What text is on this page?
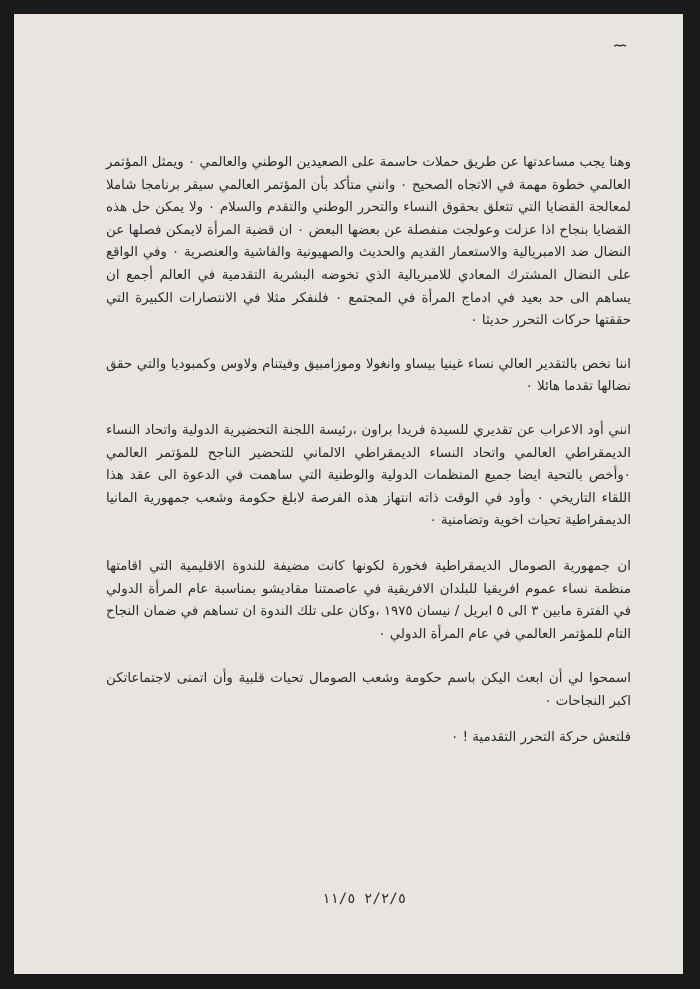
وهنا يجب مساعدتها عن طريق حملات حاسمة على الصعيدين الوطني والعالمي ٠ ويمثل المؤتمر العالمي خطوة مهمة في الاتجاه الصحيح ٠ وانني متأكد بأن المؤتمر العالمي سيقر برنامجا شاملا لمعالجة القضايا التي تتعلق بحقوق النساء والتحرر الوطني والتقدم والسلام ٠ ولا يمكن حل هذه القضايا بنجاح اذا عزلت وعولجت منفصلة عن بعضها البعض ٠ ان قضية المرأة لايمكن فصلها عن النضال ضد الامبريالية والاستعمار القديم والحديث والصهيونية والفاشية والعنصرية ٠ وفي الواقع على النضال المشترك المعادي للامبريالية الذي تخوضه البشرية التقدمية في العالم أجمع ان يساهم الى حد بعيد في ادماج المرأة في المجتمع ٠ فلنفكر مثلا في الانتصارات الكبيرة التي حققتها حركات التحرر حديثا ٠

اننا نخص بالتقدير العالي نساء غينيا بيساو وانغولا وموزامبيق وفيتنام ولاوس وكمبوديا والتي حقق نضالها تقدما هائلا ٠

انني أود الاعراب عن تقديري للسيدة فريدا براون ،رئيسة اللجنة التحضيرية الدولية واتحاد النساء الديمقراطي العالمي واتحاد النساء الديمقراطي الالماني للتحضير الناجح للمؤتمر العالمي ٠وأخص بالتحية ايضا جميع المنظمات الدولية والوطنية التي ساهمت في الدعوة الى عقد هذا اللقاء التاريخي ٠ وأود في الوقت ذاته انتهاز هذه الفرصة لابلغ حكومة وشعب جمهورية المانيا الديمقراطية تحيات اخوية وتضامنية ٠

ان جمهورية الصومال الديمقراطية فخورة لكونها كانت مضيفة للندوة الاقليمية التي اقامتها منظمة نساء عموم افريقيا للبلدان الافريقية في عاصمتنا مقاديشو بمناسبة عام المرأة الدولي في الفترة مابين ٣ الى ٥ ابريل / نيسان ١٩٧٥ ،وكان على تلك الندوة ان تساهم في ضمان النجاح التام للمؤتمر العالمي في عام المرأة الدولي ٠

اسمحوا لي أن ابعث اليكن باسم حكومة وشعب الصومال تحيات قلبية وأن اتمنى لاجتماعاتكن اكبر النجاحات ٠

فلتعش حركة التحرر التقدمية ! ٠

٢/٢/٥ ١١/٥
